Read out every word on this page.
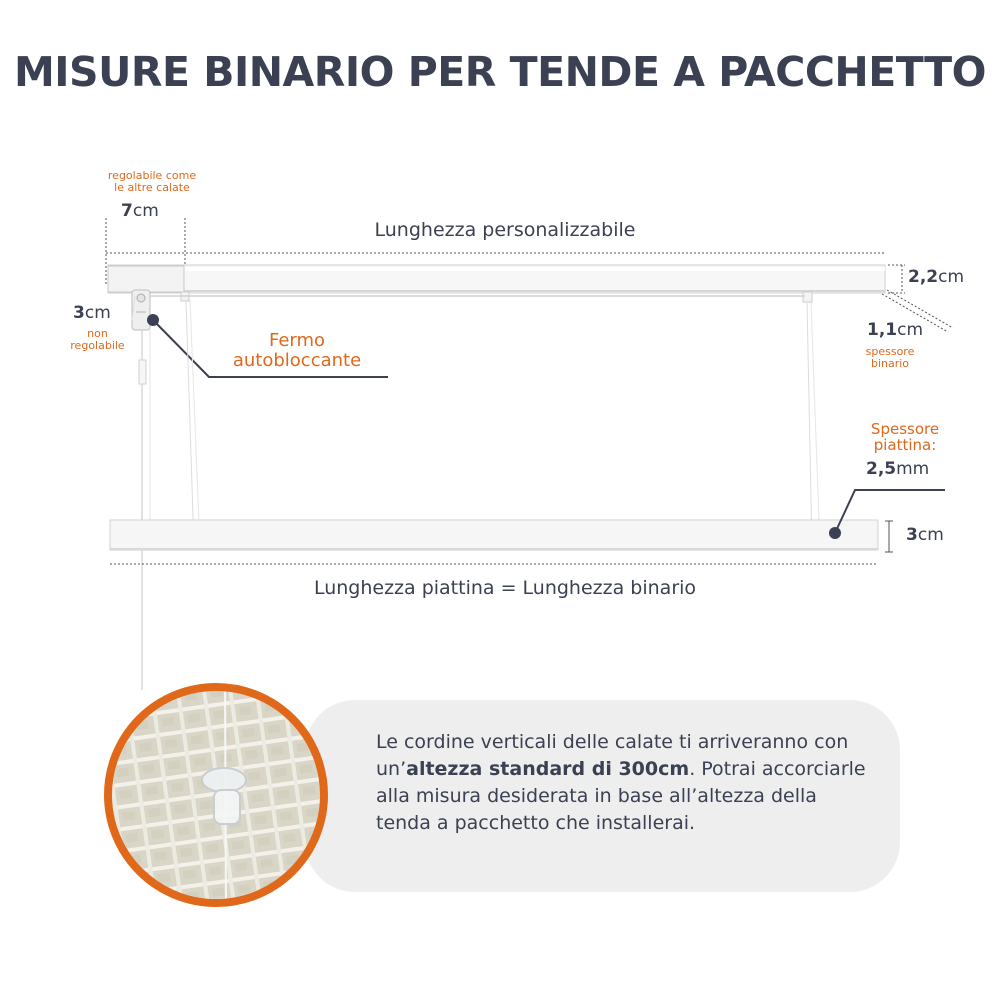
MISURE BINARIO PER TENDE A PACCHETTO
regolabile come
le altre calate
7cm
Lunghezza personalizzabile
2,2cm
1,1cm
spessore
binario
3cm
non
regolabile	Fermo
autobloccante
Spessore
piattina:
2,5mm
3cm
Lunghezza piattina = Lunghezza binario
Le cordine verticali delle calate ti arriveranno con un’altezza standard di 300cm. Potrai accorciarle alla misura desiderata in base all’altezza della tenda a pacchetto che installerai.
